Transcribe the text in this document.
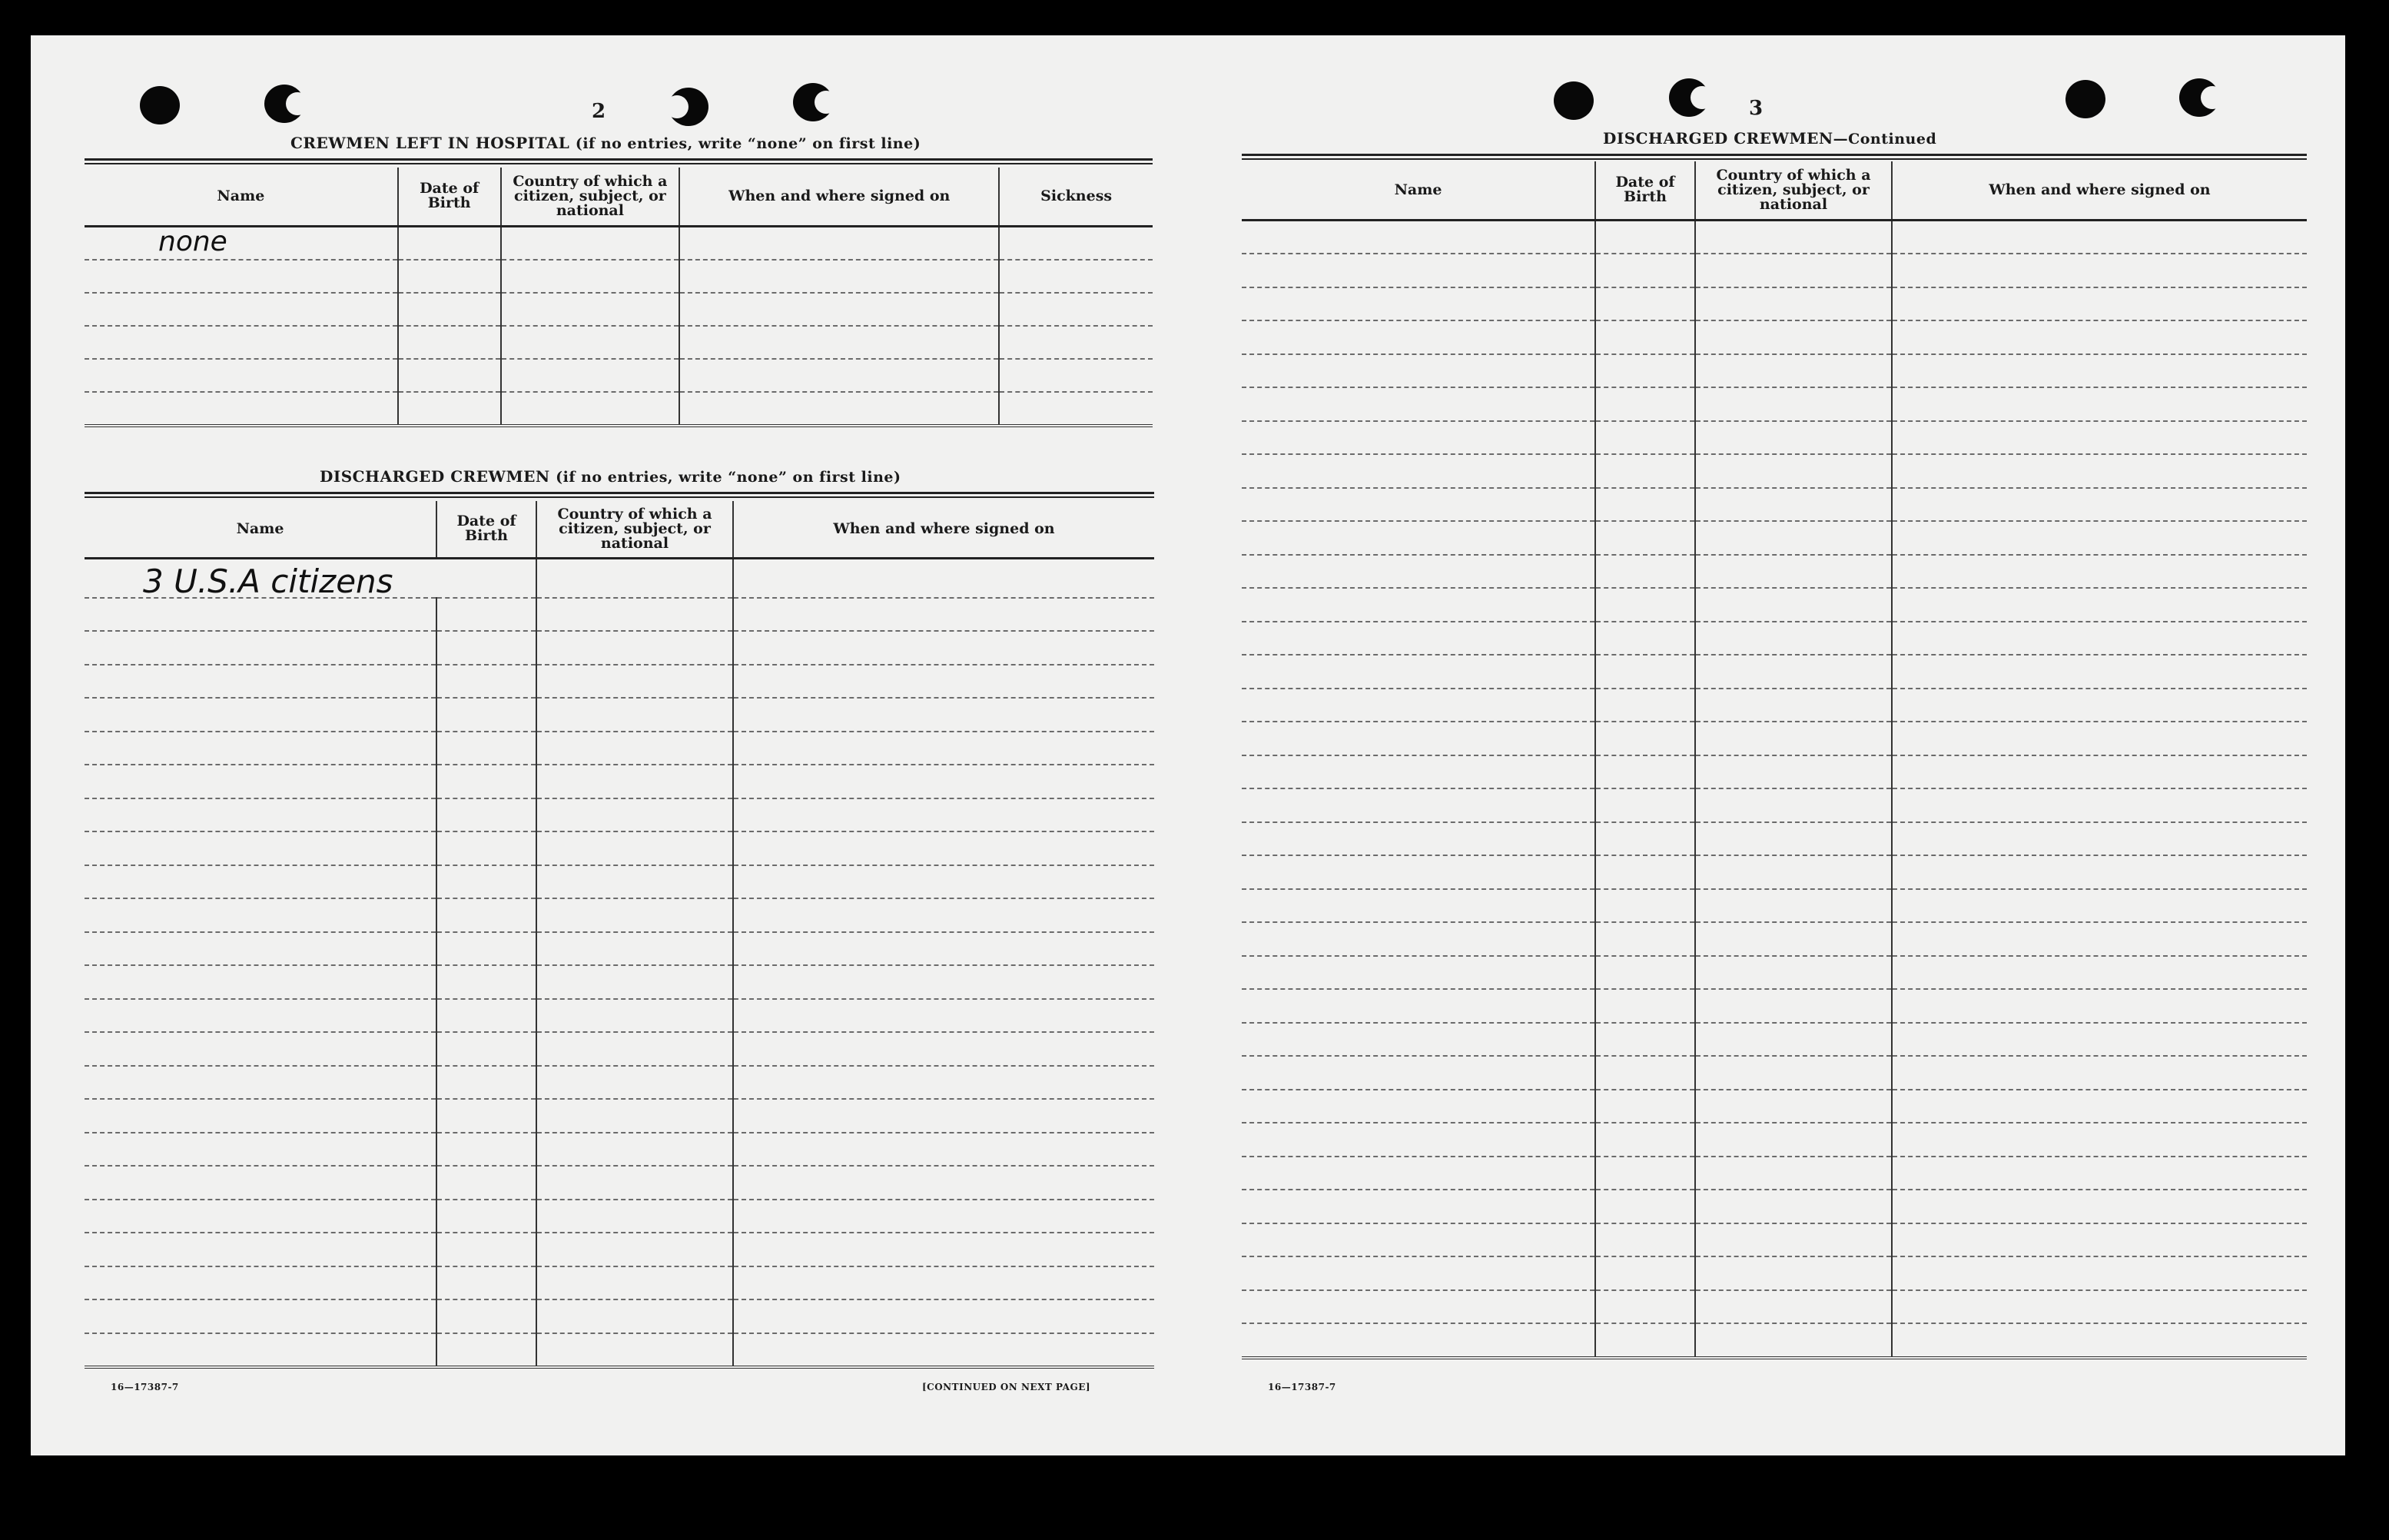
2
CREWMEN LEFT IN HOSPITAL (if no entries, write “none” on first line)
Name	Date of Birth	Country of which a citizen, subject, or national	When and where signed on	Sickness
none				

DISCHARGED CREWMEN (if no entries, write “none” on first line)
Name	Date of Birth	Country of which a citizen, subject, or national	When and where signed on
3 U.S.A citizens			

16—17387-7	[CONTINUED ON NEXT PAGE]
3
DISCHARGED CREWMEN—Continued
Name	Date of Birth	Country of which a citizen, subject, or national	When and where signed on

16—17387-7
